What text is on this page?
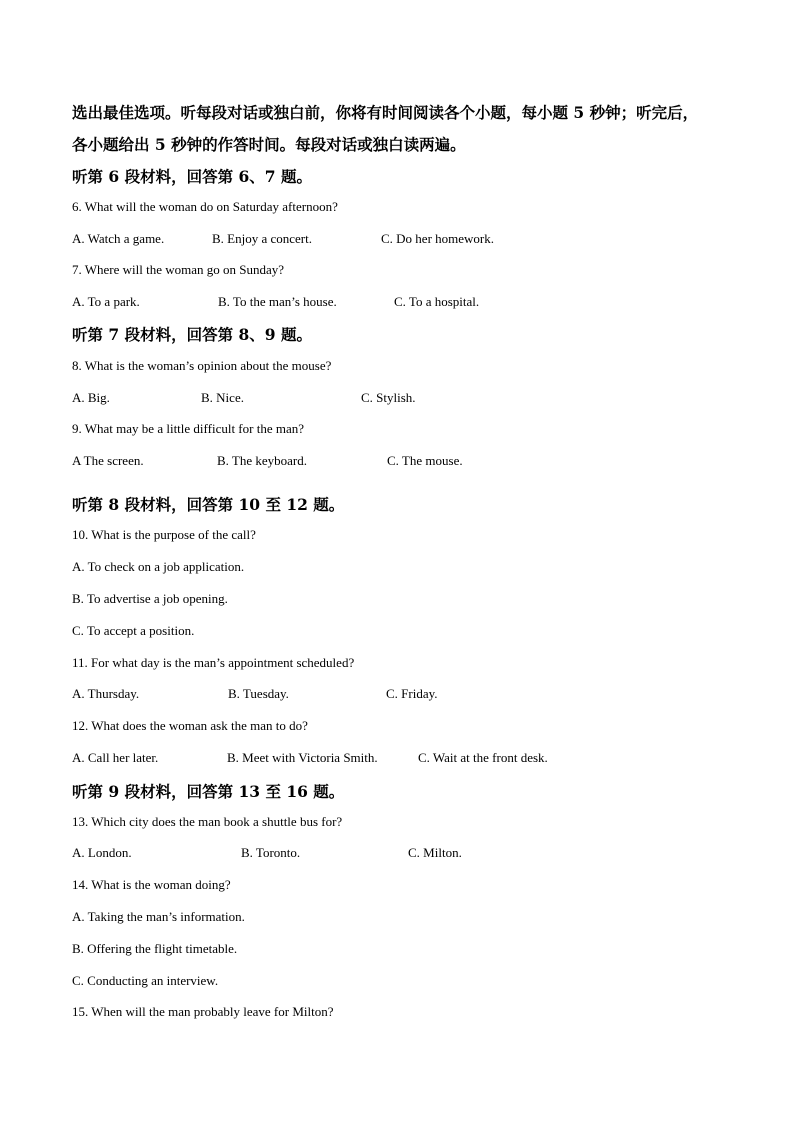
选出最佳选项。听每段对话或独白前，你将有时间阅读各个小题，每小题 5 秒钟；听完后，
各小题给出 5 秒钟的作答时间。每段对话或独白读两遍。
听第 6 段材料，回答第 6、7 题。
6. What will the woman do on Saturday afternoon?
A. Watch a game.	B. Enjoy a concert.	C. Do her homework.
7. Where will the woman go on Sunday?
A. To a park.	B. To the man’s house.	C. To a hospital.
听第 7 段材料，回答第 8、9 题。
8. What is the woman’s opinion about the mouse?
A. Big.	B. Nice.	C. Stylish.
9. What may be a little difficult for the man?
A The screen.	B. The keyboard.	C. The mouse.
听第 8 段材料，回答第 10 至 12 题。
10. What is the purpose of the call?
A. To check on a job application.
B. To advertise a job opening.
C. To accept a position.
11. For what day is the man’s appointment scheduled?
A. Thursday.	B. Tuesday.	C. Friday.
12. What does the woman ask the man to do?
A. Call her later.	B. Meet with Victoria Smith.	C. Wait at the front desk.
听第 9 段材料，回答第 13 至 16 题。
13. Which city does the man book a shuttle bus for?
A. London.	B. Toronto.	C. Milton.
14. What is the woman doing?
A. Taking the man’s information.
B. Offering the flight timetable.
C. Conducting an interview.
15. When will the man probably leave for Milton?
